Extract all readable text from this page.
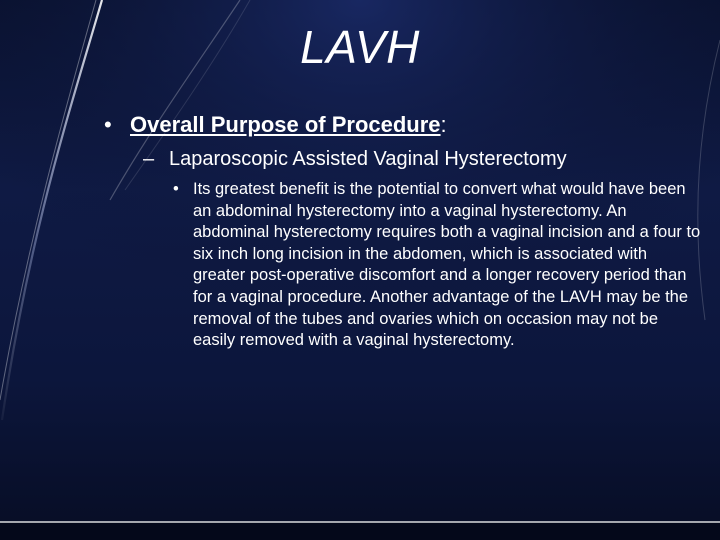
LAVH
• Overall Purpose of Procedure:
– Laparoscopic Assisted Vaginal Hysterectomy
• Its greatest benefit is the potential to convert what would have been an abdominal hysterectomy into a vaginal hysterectomy. An abdominal hysterectomy requires both a vaginal incision and a four to six inch long incision in the abdomen, which is associated with greater post-operative discomfort and a longer recovery period than for a vaginal procedure. Another advantage of the LAVH may be the removal of the tubes and ovaries which on occasion may not be easily removed with a vaginal hysterectomy.
